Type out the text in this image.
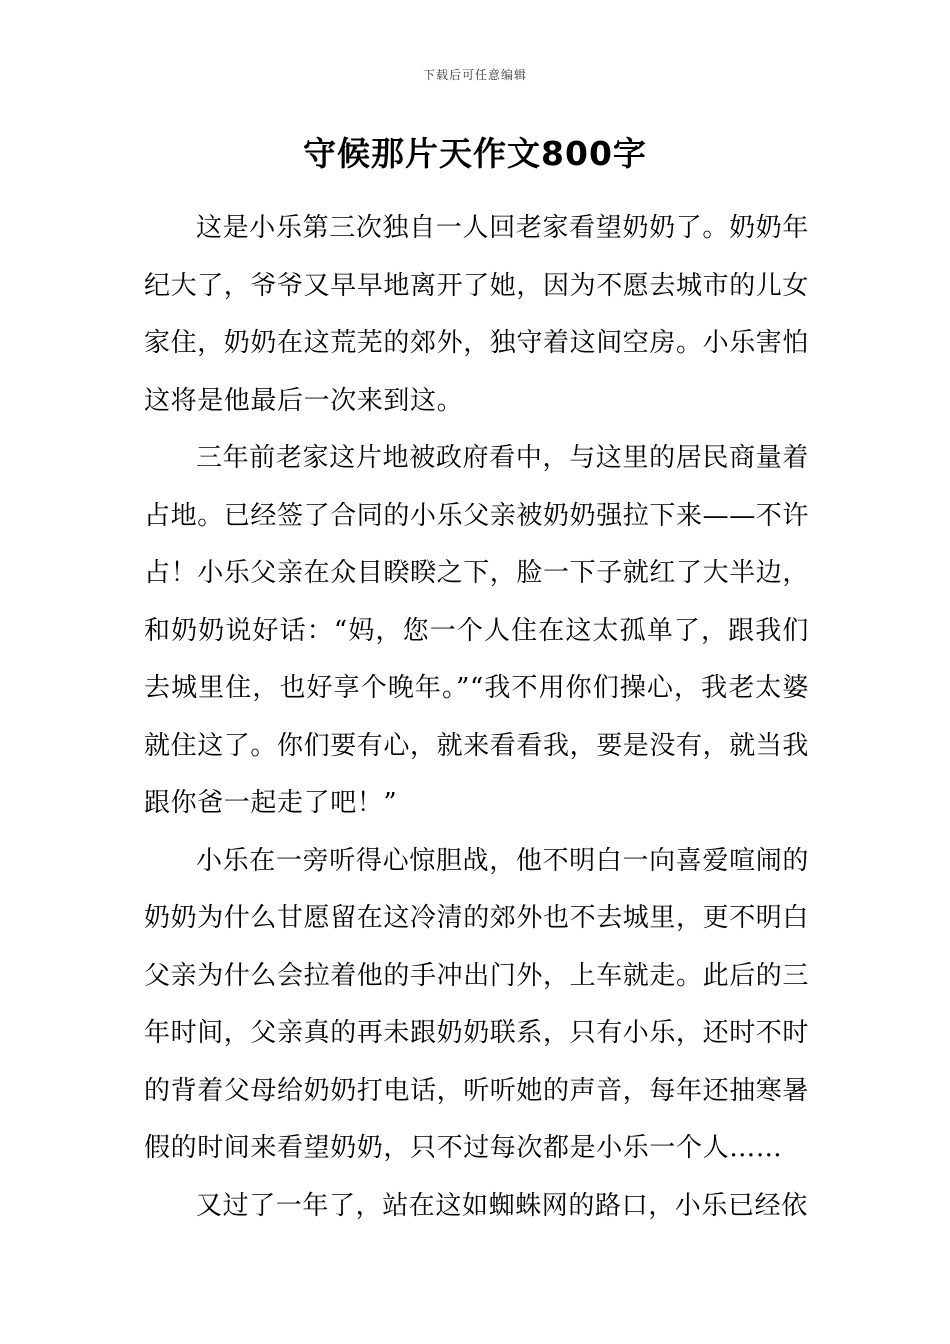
下载后可任意编辑
守候那片天作文800字

这是小乐第三次独自一人回老家看望奶奶了。奶奶年纪大了，爷爷又早早地离开了她，因为不愿去城市的儿女家住，奶奶在这荒芜的郊外，独守着这间空房。小乐害怕这将是他最后一次来到这。

三年前老家这片地被政府看中，与这里的居民商量着占地。已经签了合同的小乐父亲被奶奶强拉下来——不许占！小乐父亲在众目睽睽之下，脸一下子就红了大半边，和奶奶说好话：“妈，您一个人住在这太孤单了，跟我们去城里住，也好享个晚年。”“我不用你们操心，我老太婆就住这了。你们要有心，就来看看我，要是没有，就当我跟你爸一起走了吧！”

小乐在一旁听得心惊胆战，他不明白一向喜爱喧闹的奶奶为什么甘愿留在这冷清的郊外也不去城里，更不明白父亲为什么会拉着他的手冲出门外，上车就走。此后的三年时间，父亲真的再未跟奶奶联系，只有小乐，还时不时的背着父母给奶奶打电话，听听她的声音，每年还抽寒暑假的时间来看望奶奶，只不过每次都是小乐一个人……

又过了一年了，站在这如蜘蛛网的路口，小乐已经依
